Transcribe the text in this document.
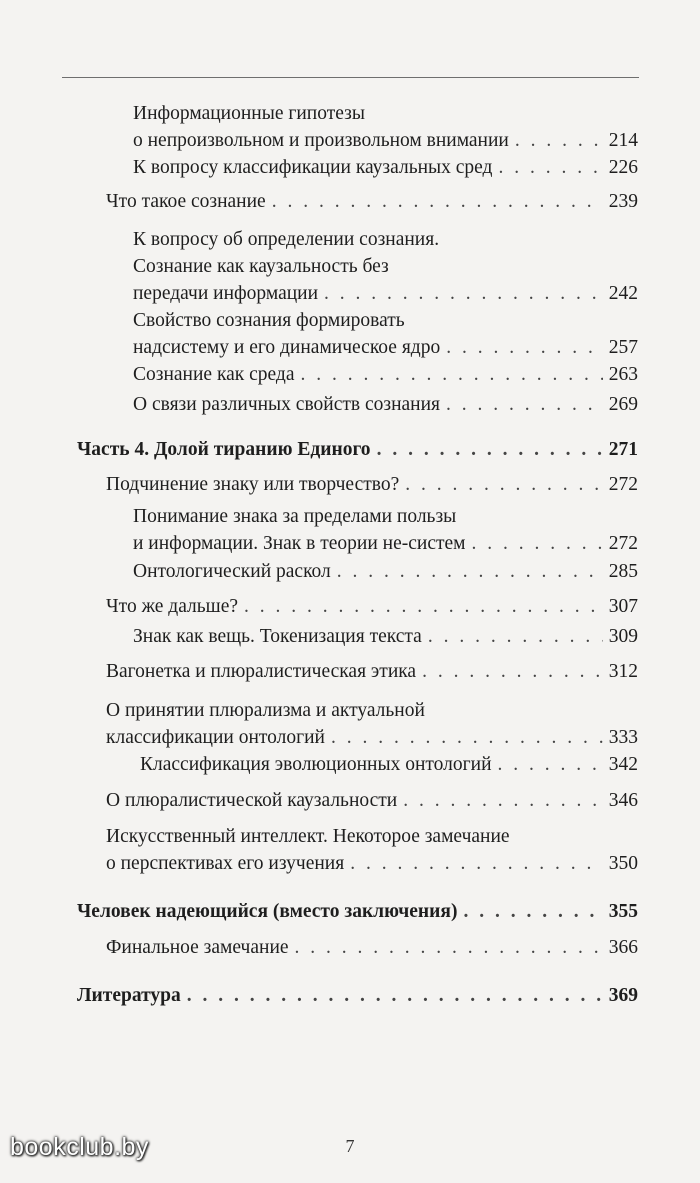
Информационные гипотезы
о непроизвольном и произвольном внимании . . .	214
К вопросу классификации каузальных сред . . .	226
Что такое сознание . . .	239
К вопросу об определении сознания.
Сознание как каузальность без
передачи информации . . .	242
Свойство сознания формировать
надсистему и его динамическое ядро . . .	257
Сознание как среда . . .	263
О связи различных свойств сознания . . .	269
Часть 4. Долой тиранию Единого . . .	271
Подчинение знаку или творчество? . . .	272
Понимание знака за пределами пользы
и информации. Знак в теории не-систем . . .	272
Онтологический раскол . . .	285
Что же дальше? . . .	307
Знак как вещь. Токенизация текста . . .	309
Вагонетка и плюралистическая этика . . .	312
О принятии плюрализма и актуальной
классификации онтологий . . .	333
Классификация эволюционных онтологий . . .	342
О плюралистической каузальности . . .	346
Искусственный интеллект. Некоторое замечание
о перспективах его изучения . . .	350
Человек надеющийся (вместо заключения) . . .	355
Финальное замечание . . .	366
Литература . . .	369
7
bookclub.by
